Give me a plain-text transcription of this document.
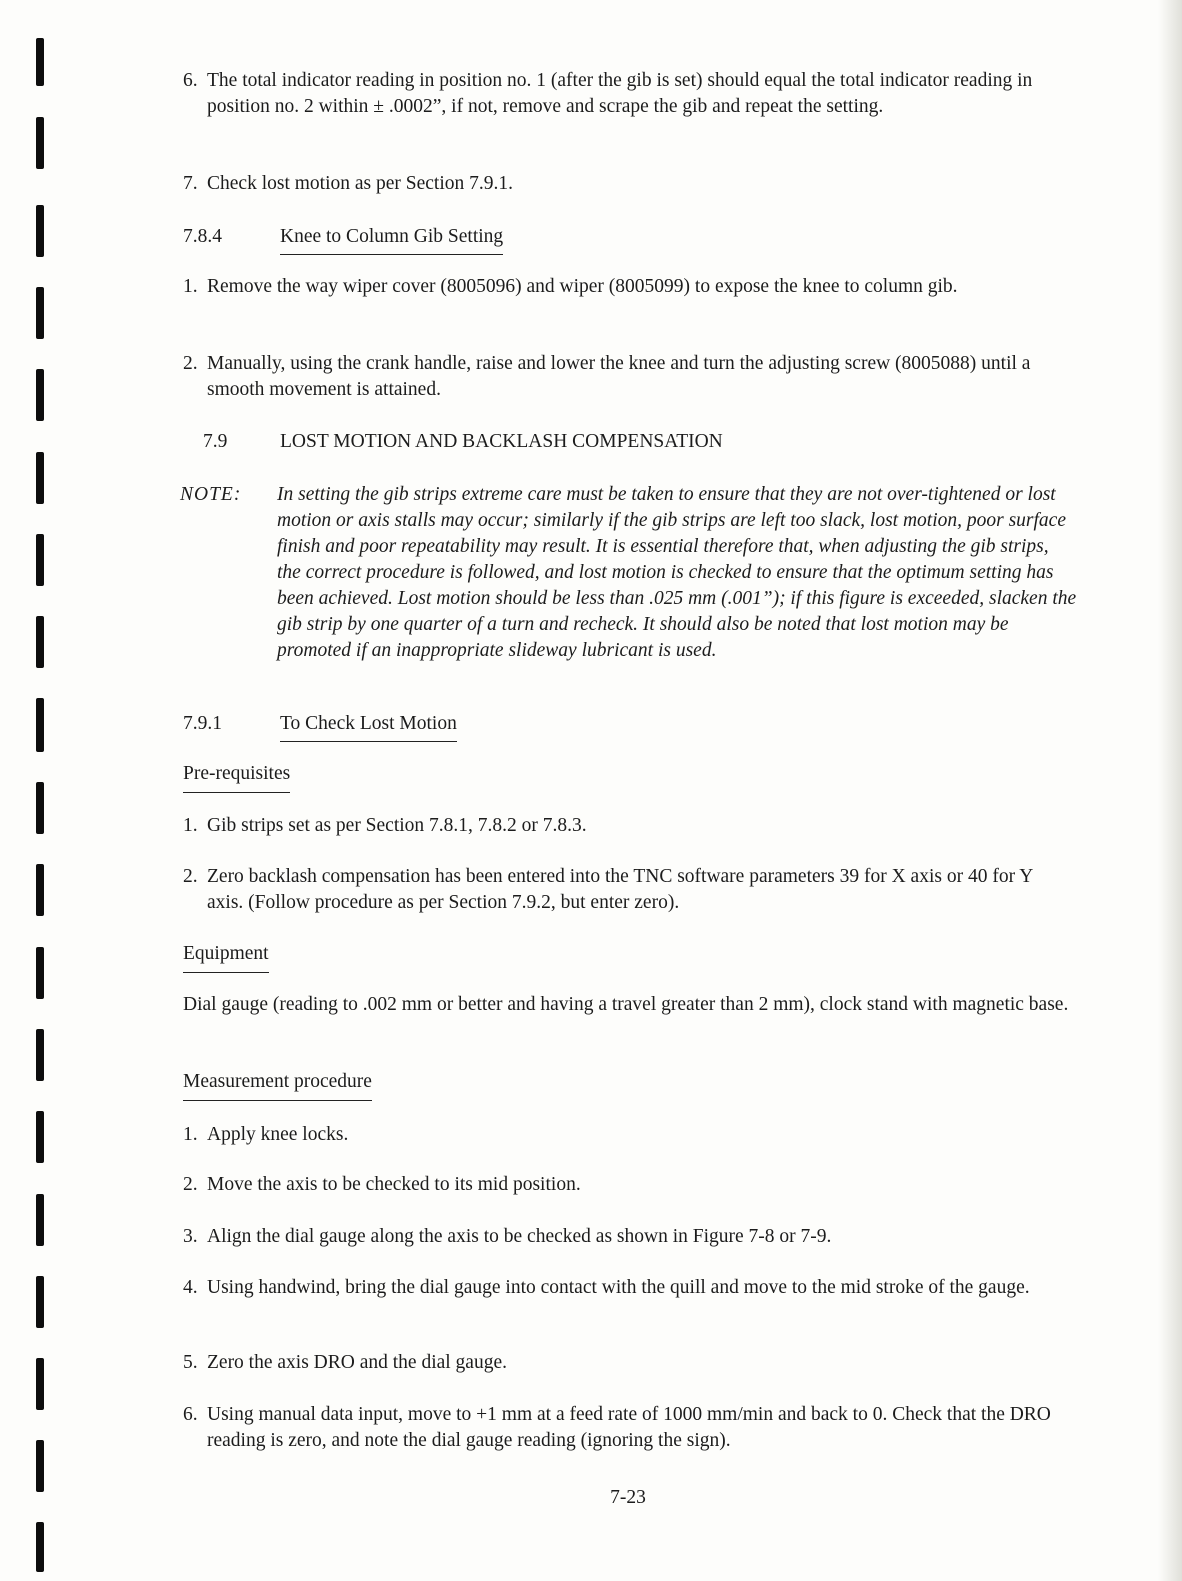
6. The total indicator reading in position no. 1 (after the gib is set) should equal the total indicator reading in position no. 2 within ± .0002”, if not, remove and scrape the gib and repeat the setting.
7. Check lost motion as per Section 7.9.1.
7.8.4	Knee to Column Gib Setting
1. Remove the way wiper cover (8005096) and wiper (8005099) to expose the knee to column gib.
2. Manually, using the crank handle, raise and lower the knee and turn the adjusting screw (8005088) until a smooth movement is attained.
7.9	LOST MOTION AND BACKLASH COMPENSATION
NOTE: In setting the gib strips extreme care must be taken to ensure that they are not over-tightened or lost motion or axis stalls may occur; similarly if the gib strips are left too slack, lost motion, poor surface finish and poor repeatability may result. It is essential therefore that, when adjusting the gib strips, the correct procedure is followed, and lost motion is checked to ensure that the optimum setting has been achieved. Lost motion should be less than .025 mm (.001”); if this figure is exceeded, slacken the gib strip by one quarter of a turn and recheck. It should also be noted that lost motion may be promoted if an inappropriate slideway lubricant is used.

7.9.1	To Check Lost Motion
Pre-requisites
1. Gib strips set as per Section 7.8.1, 7.8.2 or 7.8.3.
2. Zero backlash compensation has been entered into the TNC software parameters 39 for X axis or 40 for Y axis. (Follow procedure as per Section 7.9.2, but enter zero).
Equipment

Dial gauge (reading to .002 mm or better and having a travel greater than 2 mm), clock stand with magnetic base.

Measurement procedure
1. Apply knee locks.
2. Move the axis to be checked to its mid position.
3. Align the dial gauge along the axis to be checked as shown in Figure 7-8 or 7-9.
4. Using handwind, bring the dial gauge into contact with the quill and move to the mid stroke of the gauge.
5. Zero the axis DRO and the dial gauge.
6. Using manual data input, move to +1 mm at a feed rate of 1000 mm/min and back to 0. Check that the DRO reading is zero, and note the dial gauge reading (ignoring the sign).
7-23
